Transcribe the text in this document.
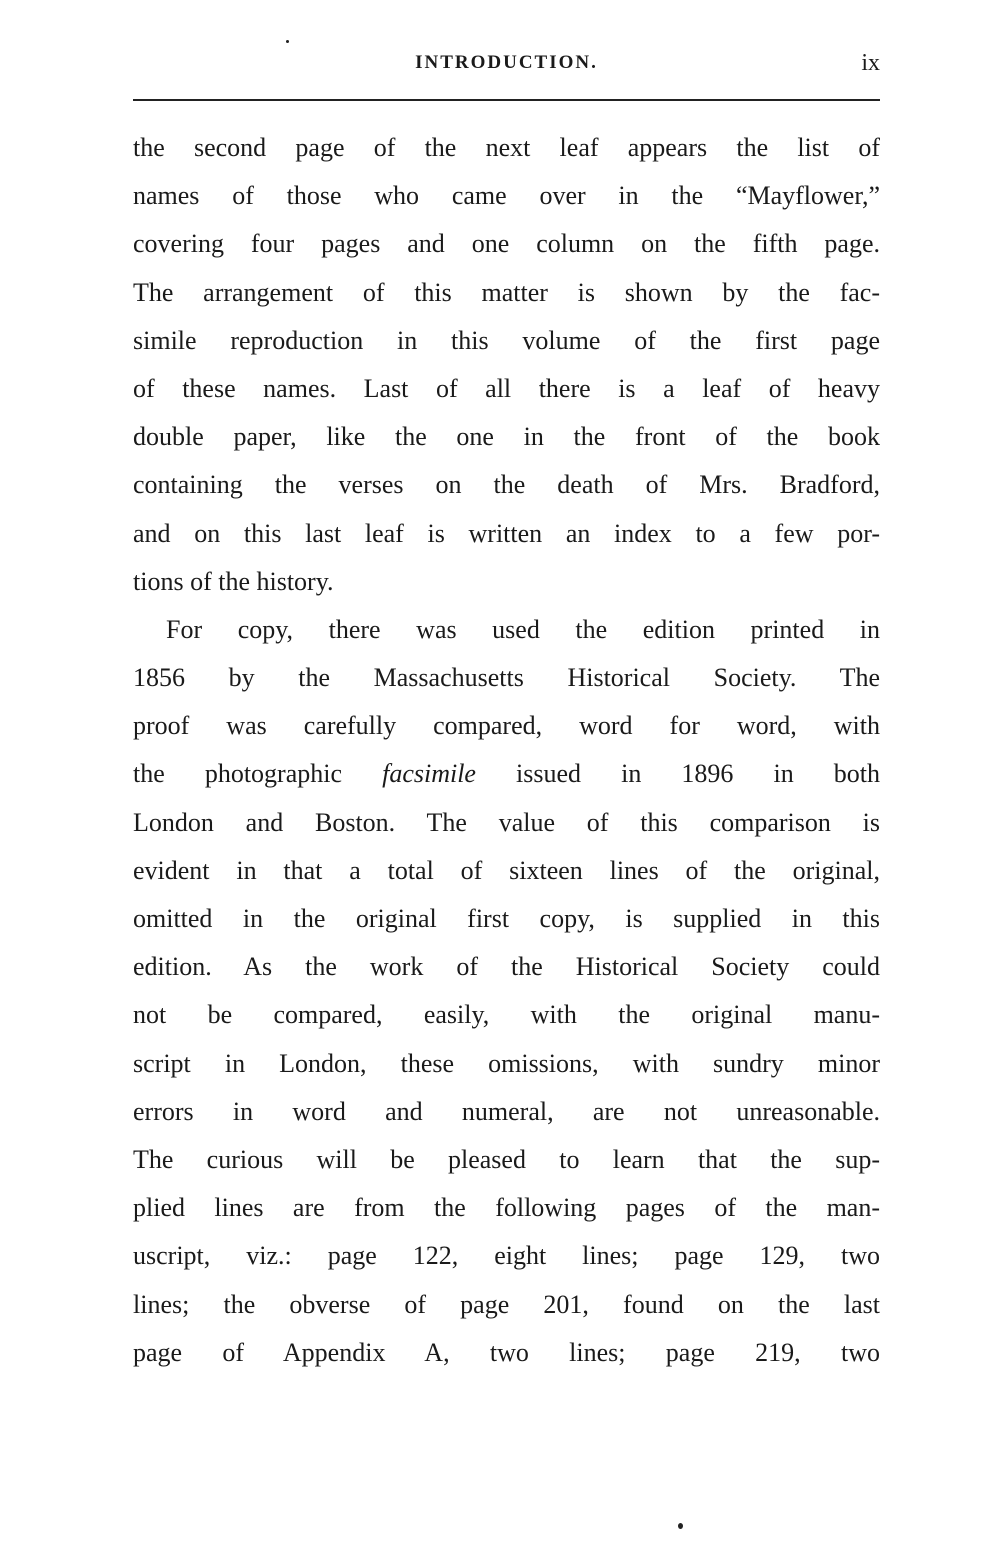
INTRODUCTION.	ix
the second page of the next leaf appears the list of
names of those who came over in the “Mayflower,”
covering four pages and one column on the fifth page.
The arrangement of this matter is shown by the fac-
simile reproduction in this volume of the first page
of these names. Last of all there is a leaf of heavy
double paper, like the one in the front of the book
containing the verses on the death of Mrs. Bradford,
and on this last leaf is written an index to a few por-
tions of the history.
For copy, there was used the edition printed in
1856 by the Massachusetts Historical Society. The
proof was carefully compared, word for word, with
the photographic facsimile issued in 1896 in both
London and Boston. The value of this comparison is
evident in that a total of sixteen lines of the original,
omitted in the original first copy, is supplied in this
edition. As the work of the Historical Society could
not be compared, easily, with the original manu-
script in London, these omissions, with sundry minor
errors in word and numeral, are not unreasonable.
The curious will be pleased to learn that the sup-
plied lines are from the following pages of the man-
uscript, viz.: page 122, eight lines; page 129, two
lines; the obverse of page 201, found on the last
page of Appendix A, two lines; page 219, two
